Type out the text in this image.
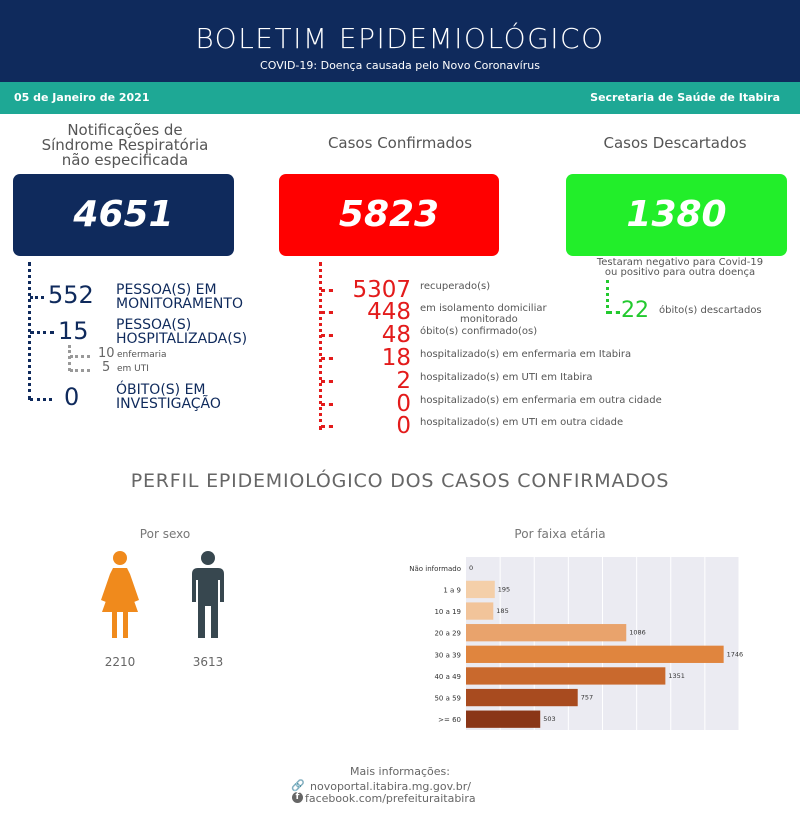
BOLETIM EPIDEMIOLÓGICO
COVID-19: Doença causada pelo Novo Coronavírus
05 de Janeiro de 2021	Secretaria de Saúde de Itabira
Notificações de
Síndrome Respiratória
não especificada
4651
552 PESSOA(S) EM
MONITORAMENTO
15 PESSOA(S)
HOSPITALIZADA(S)
10 enfermaria
5 em UTI
0	ÓBITO(S) EM
INVESTIGAÇÃO
Casos Confirmados
5823
5307 recuperado(s)
448 em isolamento domiciliar
monitorado
48 óbito(s) confirmado(os)
18 hospitalizado(s) em enfermaria em Itabira
2 hospitalizado(s) em UTI em Itabira
0 hospitalizado(s) em enfermaria em outra cidade
0 hospitalizado(s) em UTI em outra cidade
Casos Descartados
1380
Testaram negativo para Covid-19
ou positivo para outra doença
22 óbito(s) descartados
PERFIL EPIDEMIOLÓGICO DOS CASOS CONFIRMADOS
Por sexo
2210	3613
Por faixa etária
Não informado 0
1 a 9	195
10 a 19	185
20 a 29	1086
30 a 39	1746
40 a 49	1351
50 a 59	757
>= 60	503
Mais informações:
🔗 novoportal.itabira.mg.gov.br/
f facebook.com/prefeituraitabira
